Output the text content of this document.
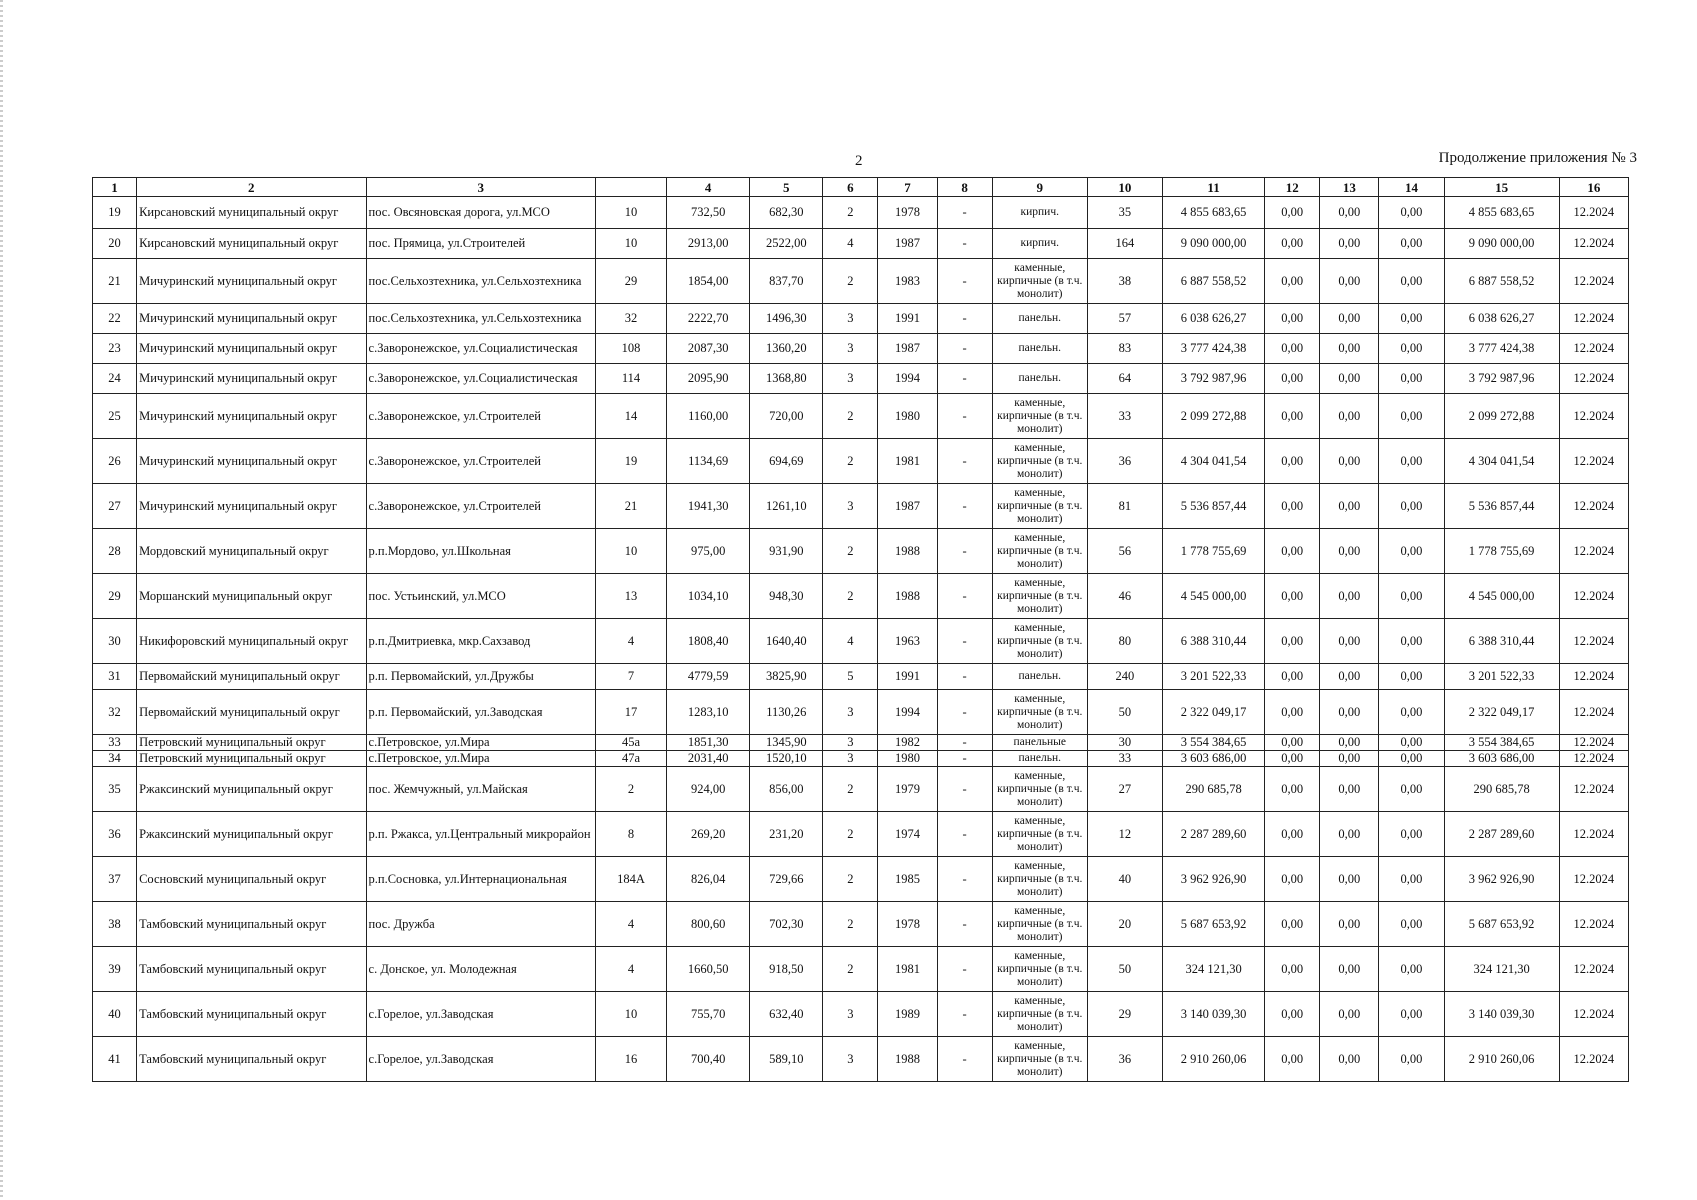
2	Продолжение приложения № 3
1	2	3		4	5	6	7	8	9	10	11	12	13	14	15	16
19	Кирсановский муниципальный округ	пос. Овсяновская дорога, ул.МСО	10	732,50	682,30	2	1978	-	кирпич.	35	4 855 683,65	0,00	0,00	0,00	4 855 683,65	12.2024
20	Кирсановский муниципальный округ	пос. Прямица, ул.Строителей	10	2913,00	2522,00	4	1987	-	кирпич.	164	9 090 000,00	0,00	0,00	0,00	9 090 000,00	12.2024
21	Мичуринский муниципальный округ	пос.Сельхозтехника, ул.Сельхозтехника	29	1854,00	837,70	2	1983	-	каменные, кирпичные (в т.ч. монолит)	38	6 887 558,52	0,00	0,00	0,00	6 887 558,52	12.2024
22	Мичуринский муниципальный округ	пос.Сельхозтехника, ул.Сельхозтехника	32	2222,70	1496,30	3	1991	-	панельн.	57	6 038 626,27	0,00	0,00	0,00	6 038 626,27	12.2024
23	Мичуринский муниципальный округ	с.Заворонежское, ул.Социалистическая	108	2087,30	1360,20	3	1987	-	панельн.	83	3 777 424,38	0,00	0,00	0,00	3 777 424,38	12.2024
24	Мичуринский муниципальный округ	с.Заворонежское, ул.Социалистическая	114	2095,90	1368,80	3	1994	-	панельн.	64	3 792 987,96	0,00	0,00	0,00	3 792 987,96	12.2024
25	Мичуринский муниципальный округ	с.Заворонежское, ул.Строителей	14	1160,00	720,00	2	1980	-	каменные, кирпичные (в т.ч. монолит)	33	2 099 272,88	0,00	0,00	0,00	2 099 272,88	12.2024
26	Мичуринский муниципальный округ	с.Заворонежское, ул.Строителей	19	1134,69	694,69	2	1981	-	каменные, кирпичные (в т.ч. монолит)	36	4 304 041,54	0,00	0,00	0,00	4 304 041,54	12.2024
27	Мичуринский муниципальный округ	с.Заворонежское, ул.Строителей	21	1941,30	1261,10	3	1987	-	каменные, кирпичные (в т.ч. монолит)	81	5 536 857,44	0,00	0,00	0,00	5 536 857,44	12.2024
28	Мордовский муниципальный округ	р.п.Мордово, ул.Школьная	10	975,00	931,90	2	1988	-	каменные, кирпичные (в т.ч. монолит)	56	1 778 755,69	0,00	0,00	0,00	1 778 755,69	12.2024
29	Моршанский муниципальный округ	пос. Устьинский, ул.МСО	13	1034,10	948,30	2	1988	-	каменные, кирпичные (в т.ч. монолит)	46	4 545 000,00	0,00	0,00	0,00	4 545 000,00	12.2024
30	Никифоровский муниципальный округ	р.п.Дмитриевка, мкр.Сахзавод	4	1808,40	1640,40	4	1963	-	каменные, кирпичные (в т.ч. монолит)	80	6 388 310,44	0,00	0,00	0,00	6 388 310,44	12.2024
31	Первомайский муниципальный округ	р.п. Первомайский, ул.Дружбы	7	4779,59	3825,90	5	1991	-	панельн.	240	3 201 522,33	0,00	0,00	0,00	3 201 522,33	12.2024
32	Первомайский муниципальный округ	р.п. Первомайский, ул.Заводская	17	1283,10	1130,26	3	1994	-	каменные, кирпичные (в т.ч. монолит)	50	2 322 049,17	0,00	0,00	0,00	2 322 049,17	12.2024
33	Петровский муниципальный округ	с.Петровское, ул.Мира	45а	1851,30	1345,90	3	1982	-	панельные	30	3 554 384,65	0,00	0,00	0,00	3 554 384,65	12.2024
34	Петровский муниципальный округ	с.Петровское, ул.Мира	47а	2031,40	1520,10	3	1980	-	панельн.	33	3 603 686,00	0,00	0,00	0,00	3 603 686,00	12.2024
35	Ржаксинский муниципальный округ	пос. Жемчужный, ул.Майская	2	924,00	856,00	2	1979	-	каменные, кирпичные (в т.ч. монолит)	27	290 685,78	0,00	0,00	0,00	290 685,78	12.2024
36	Ржаксинский муниципальный округ	р.п. Ржакса, ул.Центральный микрорайон	8	269,20	231,20	2	1974	-	каменные, кирпичные (в т.ч. монолит)	12	2 287 289,60	0,00	0,00	0,00	2 287 289,60	12.2024
37	Сосновский муниципальный округ	р.п.Сосновка, ул.Интернациональная	184А	826,04	729,66	2	1985	-	каменные, кирпичные (в т.ч. монолит)	40	3 962 926,90	0,00	0,00	0,00	3 962 926,90	12.2024
38	Тамбовский муниципальный округ	пос. Дружба	4	800,60	702,30	2	1978	-	каменные, кирпичные (в т.ч. монолит)	20	5 687 653,92	0,00	0,00	0,00	5 687 653,92	12.2024
39	Тамбовский муниципальный округ	с. Донское, ул. Молодежная	4	1660,50	918,50	2	1981	-	каменные, кирпичные (в т.ч. монолит)	50	324 121,30	0,00	0,00	0,00	324 121,30	12.2024
40	Тамбовский муниципальный округ	с.Горелое, ул.Заводская	10	755,70	632,40	3	1989	-	каменные, кирпичные (в т.ч. монолит)	29	3 140 039,30	0,00	0,00	0,00	3 140 039,30	12.2024
41	Тамбовский муниципальный округ	с.Горелое, ул.Заводская	16	700,40	589,10	3	1988	-	каменные, кирпичные (в т.ч. монолит)	36	2 910 260,06	0,00	0,00	0,00	2 910 260,06	12.2024
